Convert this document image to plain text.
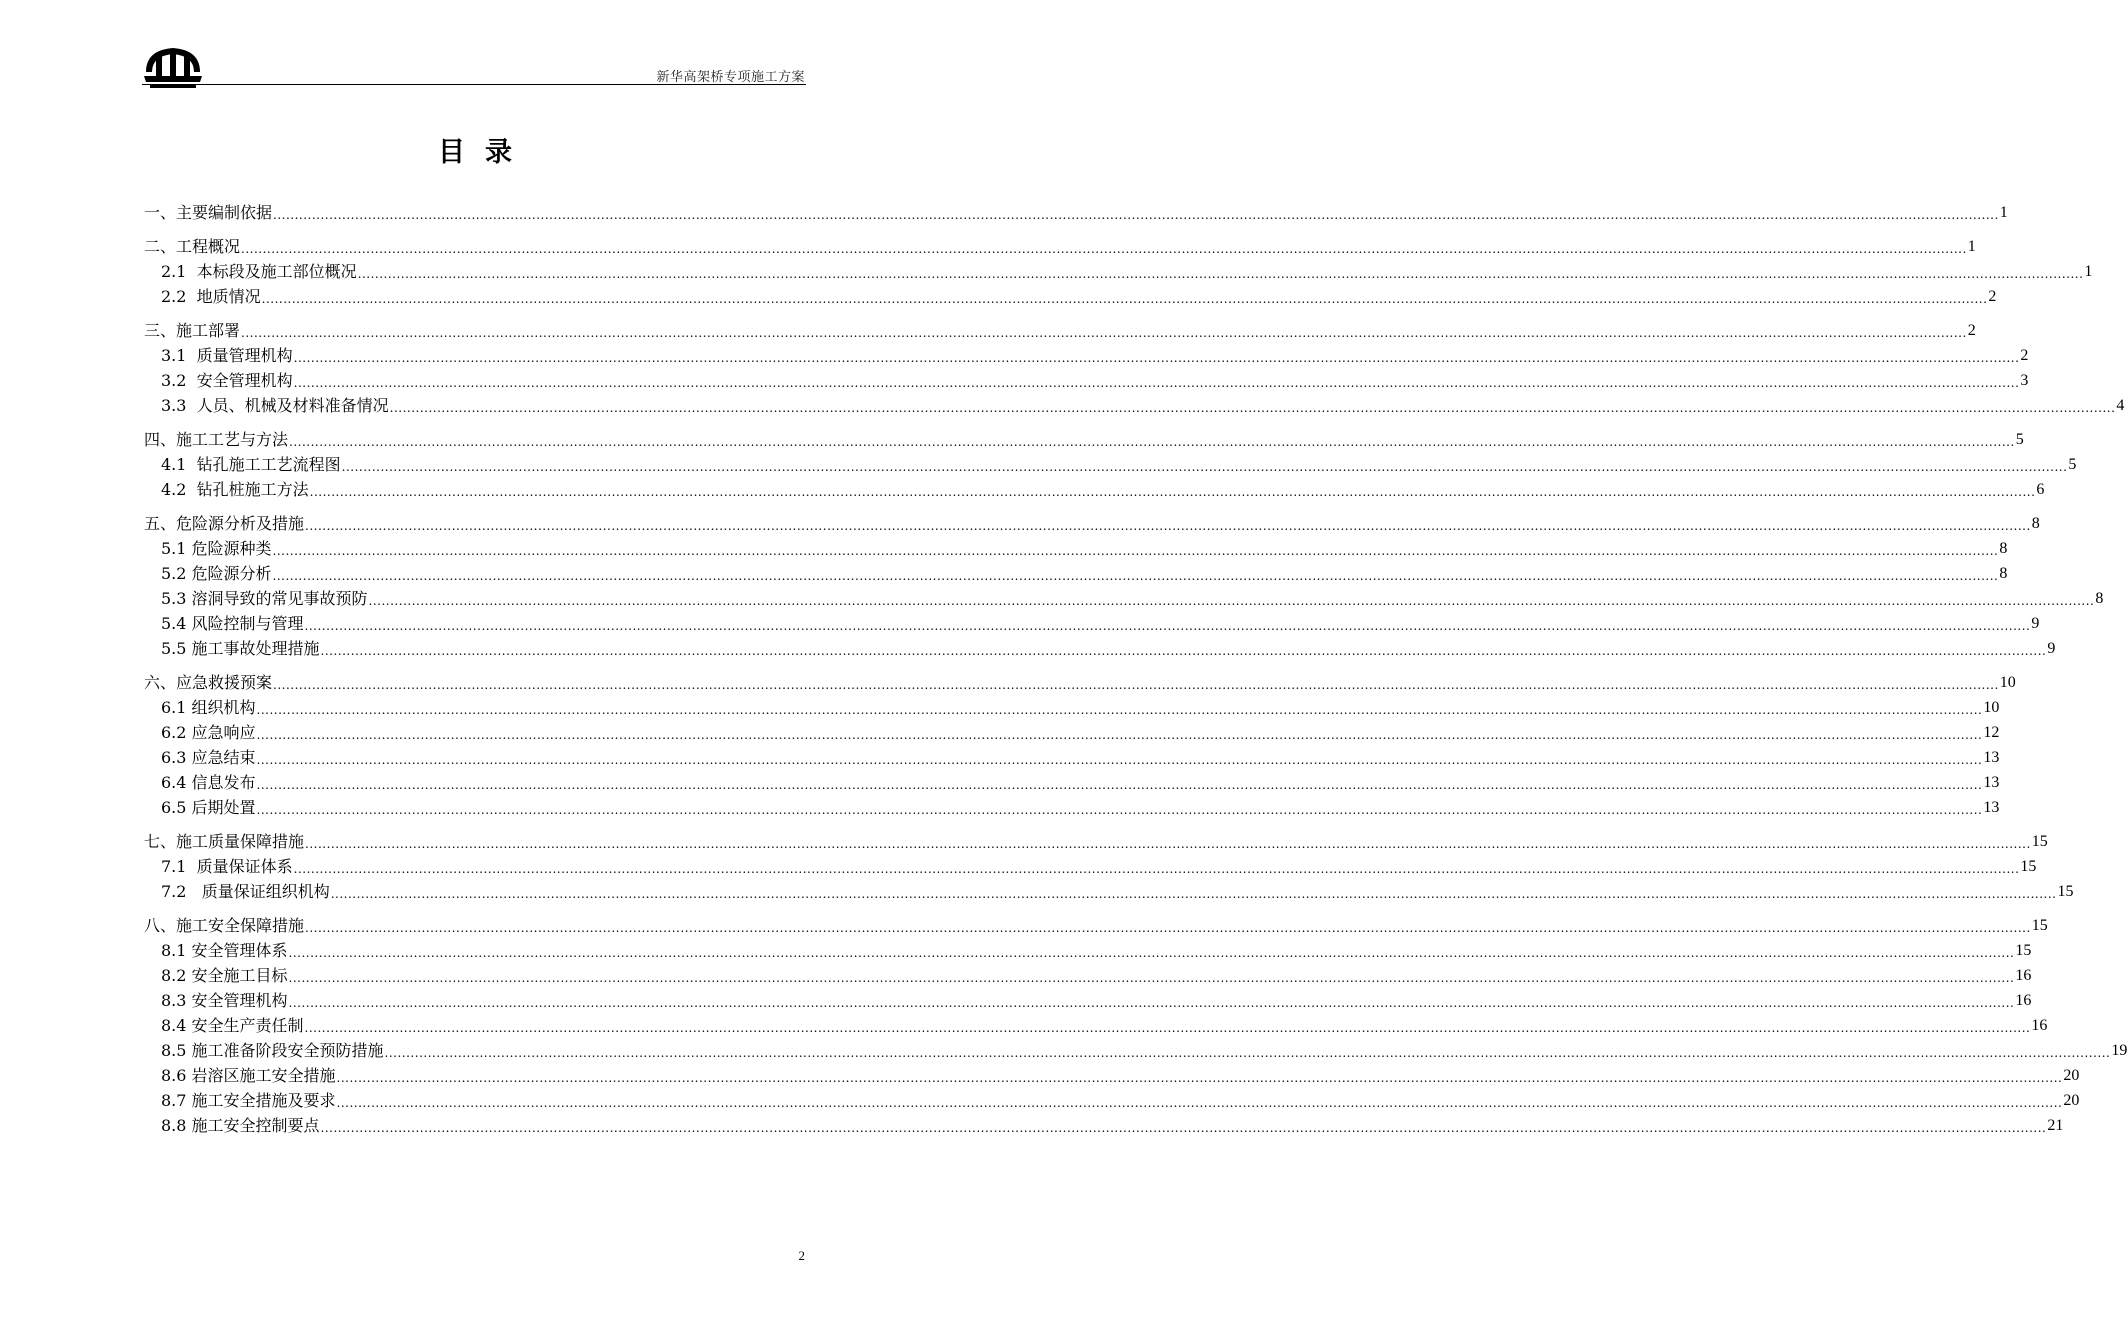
新华高架桥专项施工方案
目录
一、主要编制依据 ................................................................................................................................................................................................................................................................................................................................................................................................................ 1
二、工程概况 ................................................................................................................................................................................................................................................................................................................................................................................................................ 1
2.1  本标段及施工部位概况 ................................................................................................................................................................................................................................................................................................................................................................................................................ 1
2.2  地质情况 ................................................................................................................................................................................................................................................................................................................................................................................................................ 2
三、施工部署 ................................................................................................................................................................................................................................................................................................................................................................................................................ 2
3.1  质量管理机构 ................................................................................................................................................................................................................................................................................................................................................................................................................ 2
3.2  安全管理机构 ................................................................................................................................................................................................................................................................................................................................................................................................................ 3
3.3  人员、机械及材料准备情况 ................................................................................................................................................................................................................................................................................................................................................................................................................ 4
四、施工工艺与方法 ................................................................................................................................................................................................................................................................................................................................................................................................................ 5
4.1  钻孔施工工艺流程图 ................................................................................................................................................................................................................................................................................................................................................................................................................ 5
4.2  钻孔桩施工方法 ................................................................................................................................................................................................................................................................................................................................................................................................................ 6
五、危险源分析及措施 ................................................................................................................................................................................................................................................................................................................................................................................................................ 8
5.1 危险源种类 ................................................................................................................................................................................................................................................................................................................................................................................................................ 8
5.2 危险源分析 ................................................................................................................................................................................................................................................................................................................................................................................................................ 8
5.3 溶洞导致的常见事故预防 ................................................................................................................................................................................................................................................................................................................................................................................................................ 8
5.4 风险控制与管理 ................................................................................................................................................................................................................................................................................................................................................................................................................ 9
5.5 施工事故处理措施 ................................................................................................................................................................................................................................................................................................................................................................................................................ 9
六、应急救援预案 ................................................................................................................................................................................................................................................................................................................................................................................................................ 10
6.1 组织机构 ................................................................................................................................................................................................................................................................................................................................................................................................................ 10
6.2 应急响应 ................................................................................................................................................................................................................................................................................................................................................................................................................ 12
6.3 应急结束 ................................................................................................................................................................................................................................................................................................................................................................................................................ 13
6.4 信息发布 ................................................................................................................................................................................................................................................................................................................................................................................................................ 13
6.5 后期处置 ................................................................................................................................................................................................................................................................................................................................................................................................................ 13
七、施工质量保障措施 ................................................................................................................................................................................................................................................................................................................................................................................................................ 15
7.1  质量保证体系 ................................................................................................................................................................................................................................................................................................................................................................................................................ 15
7.2   质量保证组织机构 ................................................................................................................................................................................................................................................................................................................................................................................................................ 15
八、施工安全保障措施 ................................................................................................................................................................................................................................................................................................................................................................................................................ 15
8.1 安全管理体系 ................................................................................................................................................................................................................................................................................................................................................................................................................ 15
8.2 安全施工目标 ................................................................................................................................................................................................................................................................................................................................................................................................................ 16
8.3 安全管理机构 ................................................................................................................................................................................................................................................................................................................................................................................................................ 16
8.4 安全生产责任制 ................................................................................................................................................................................................................................................................................................................................................................................................................ 16
8.5 施工准备阶段安全预防措施 ................................................................................................................................................................................................................................................................................................................................................................................................................ 19
8.6 岩溶区施工安全措施 ................................................................................................................................................................................................................................................................................................................................................................................................................ 20
8.7 施工安全措施及要求 ................................................................................................................................................................................................................................................................................................................................................................................................................ 20
8.8 施工安全控制要点 ................................................................................................................................................................................................................................................................................................................................................................................................................ 21
2
